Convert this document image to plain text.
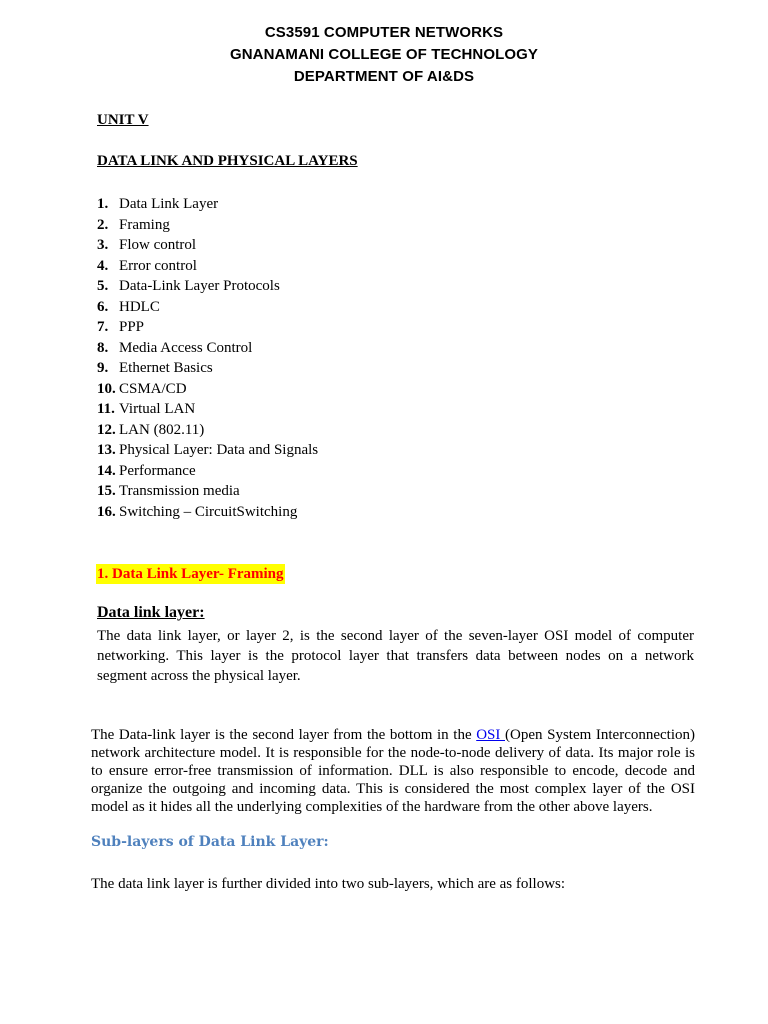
CS3591 COMPUTER NETWORKS
GNANAMANI COLLEGE OF TECHNOLOGY
DEPARTMENT OF AI&DS
UNIT V
DATA LINK AND PHYSICAL LAYERS
1. Data Link Layer
2. Framing
3. Flow control
4. Error control
5. Data-Link Layer Protocols
6. HDLC
7. PPP
8. Media Access Control
9. Ethernet Basics
10. CSMA/CD
11. Virtual LAN
12. LAN (802.11)
13. Physical Layer: Data and Signals
14. Performance
15. Transmission media
16. Switching – CircuitSwitching
1. Data Link Layer- Framing
Data link layer:

The data link layer, or layer 2, is the second layer of the seven-layer OSI model of computer networking. This layer is the protocol layer that transfers data between nodes on a network segment across the physical layer.

The Data-link layer is the second layer from the bottom in the OSI (Open System Interconnection) network architecture model. It is responsible for the node-to-node delivery of data. Its major role is to ensure error-free transmission of information. DLL is also responsible to encode, decode and organize the outgoing and incoming data. This is considered the most complex layer of the OSI model as it hides all the underlying complexities of the hardware from the other above layers.

Sub-layers of Data Link Layer:

The data link layer is further divided into two sub-layers, which are as follows:
